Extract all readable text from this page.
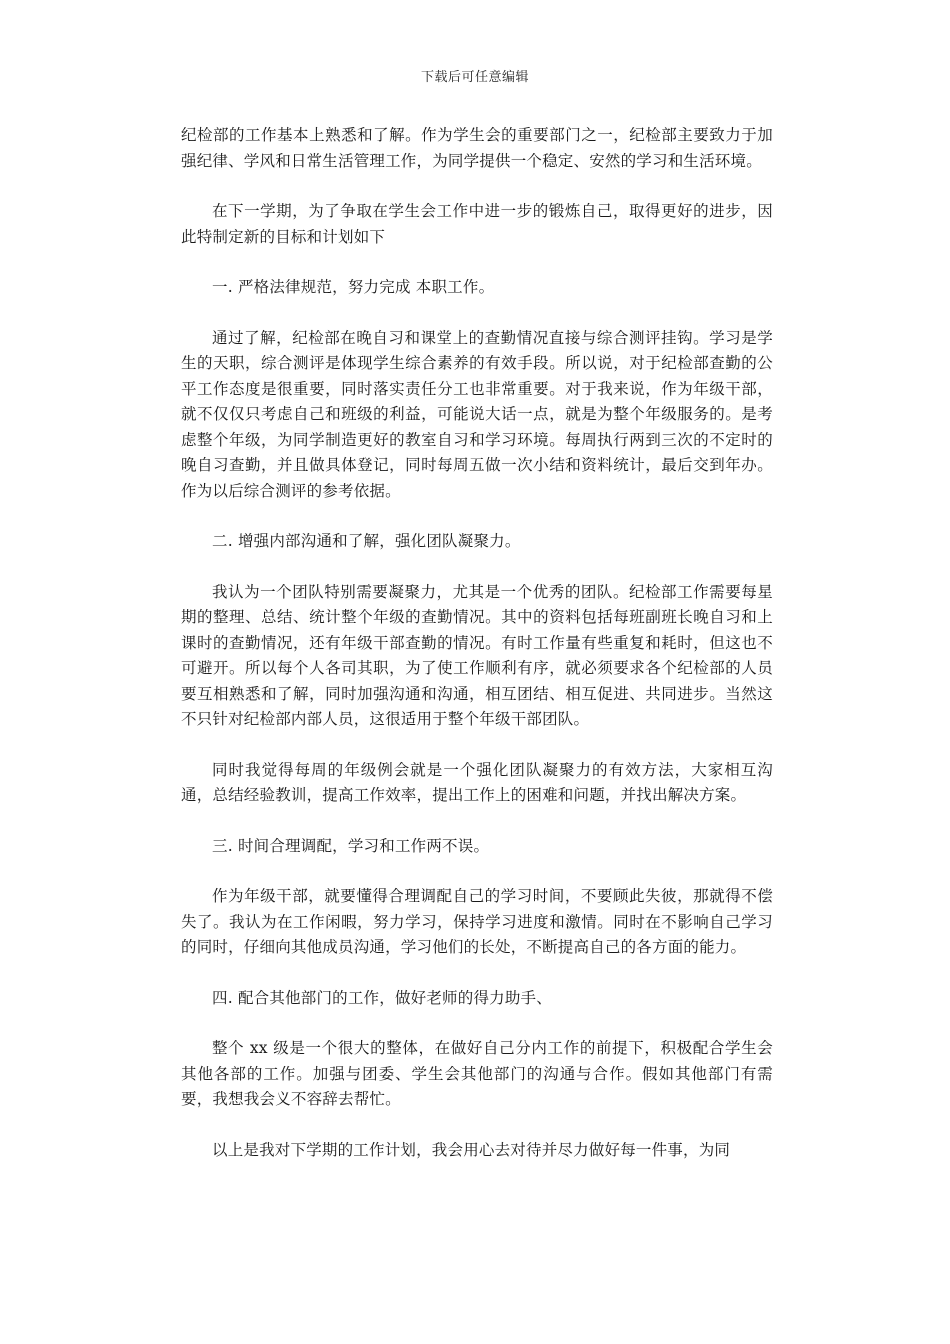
下载后可任意编辑

纪检部的工作基本上熟悉和了解。作为学生会的重要部门之一，纪检部主要致力于加强纪律、学风和日常生活管理工作，为同学提供一个稳定、安然的学习和生活环境。

在下一学期，为了争取在学生会工作中进一步的锻炼自己，取得更好的进步，因此特制定新的目标和计划如下

一. 严格法律规范，努力完成 本职工作。

通过了解，纪检部在晚自习和课堂上的查勤情况直接与综合测评挂钩。学习是学生的天职，综合测评是体现学生综合素养的有效手段。所以说，对于纪检部查勤的公平工作态度是很重要，同时落实责任分工也非常重要。对于我来说，作为年级干部，就不仅仅只考虑自己和班级的利益，可能说大话一点，就是为整个年级服务的。是考虑整个年级，为同学制造更好的教室自习和学习环境。每周执行两到三次的不定时的晚自习查勤，并且做具体登记，同时每周五做一次小结和资料统计，最后交到年办。作为以后综合测评的参考依据。

二. 增强内部沟通和了解，强化团队凝聚力。

我认为一个团队特别需要凝聚力，尤其是一个优秀的团队。纪检部工作需要每星期的整理、总结、统计整个年级的查勤情况。其中的资料包括每班副班长晚自习和上课时的查勤情况，还有年级干部查勤的情况。有时工作量有些重复和耗时，但这也不可避开。所以每个人各司其职，为了使工作顺利有序，就必须要求各个纪检部的人员要互相熟悉和了解，同时加强沟通和沟通，相互团结、相互促进、共同进步。当然这不只针对纪检部内部人员，这很适用于整个年级干部团队。

同时我觉得每周的年级例会就是一个强化团队凝聚力的有效方法，大家相互沟通，总结经验教训，提高工作效率，提出工作上的困难和问题，并找出解决方案。

三. 时间合理调配，学习和工作两不误。

作为年级干部，就要懂得合理调配自己的学习时间，不要顾此失彼，那就得不偿失了。我认为在工作闲暇，努力学习，保持学习进度和激情。同时在不影响自己学习的同时，仔细向其他成员沟通，学习他们的长处，不断提高自己的各方面的能力。

四. 配合其他部门的工作，做好老师的得力助手、

整个 xx 级是一个很大的整体，在做好自己分内工作的前提下，积极配合学生会其他各部的工作。加强与团委、学生会其他部门的沟通与合作。假如其他部门有需要，我想我会义不容辞去帮忙。

以上是我对下学期的工作计划，我会用心去对待并尽力做好每一件事，为同
